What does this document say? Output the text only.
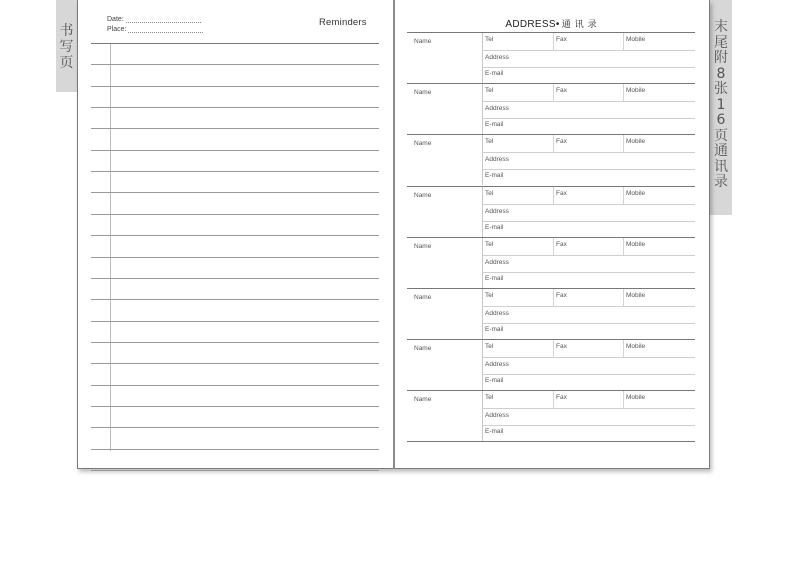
书
写
页
末
尾
附
8
张
1
6
页
通
讯
录
Date:
Place:
Reminders	ADDRESS• 通讯录
Name	Tel	Fax	Mobile
Address
E-mail
Name	Tel	Fax	Mobile
Address
E-mail
Name	Tel	Fax	Mobile
Address
E-mail
Name	Tel	Fax	Mobile
Address
E-mail
Name	Tel	Fax	Mobile
Address
E-mail
Name	Tel	Fax	Mobile
Address
E-mail
Name	Tel	Fax	Mobile
Address
E-mail
Name	Tel	Fax	Mobile
Address
E-mail
